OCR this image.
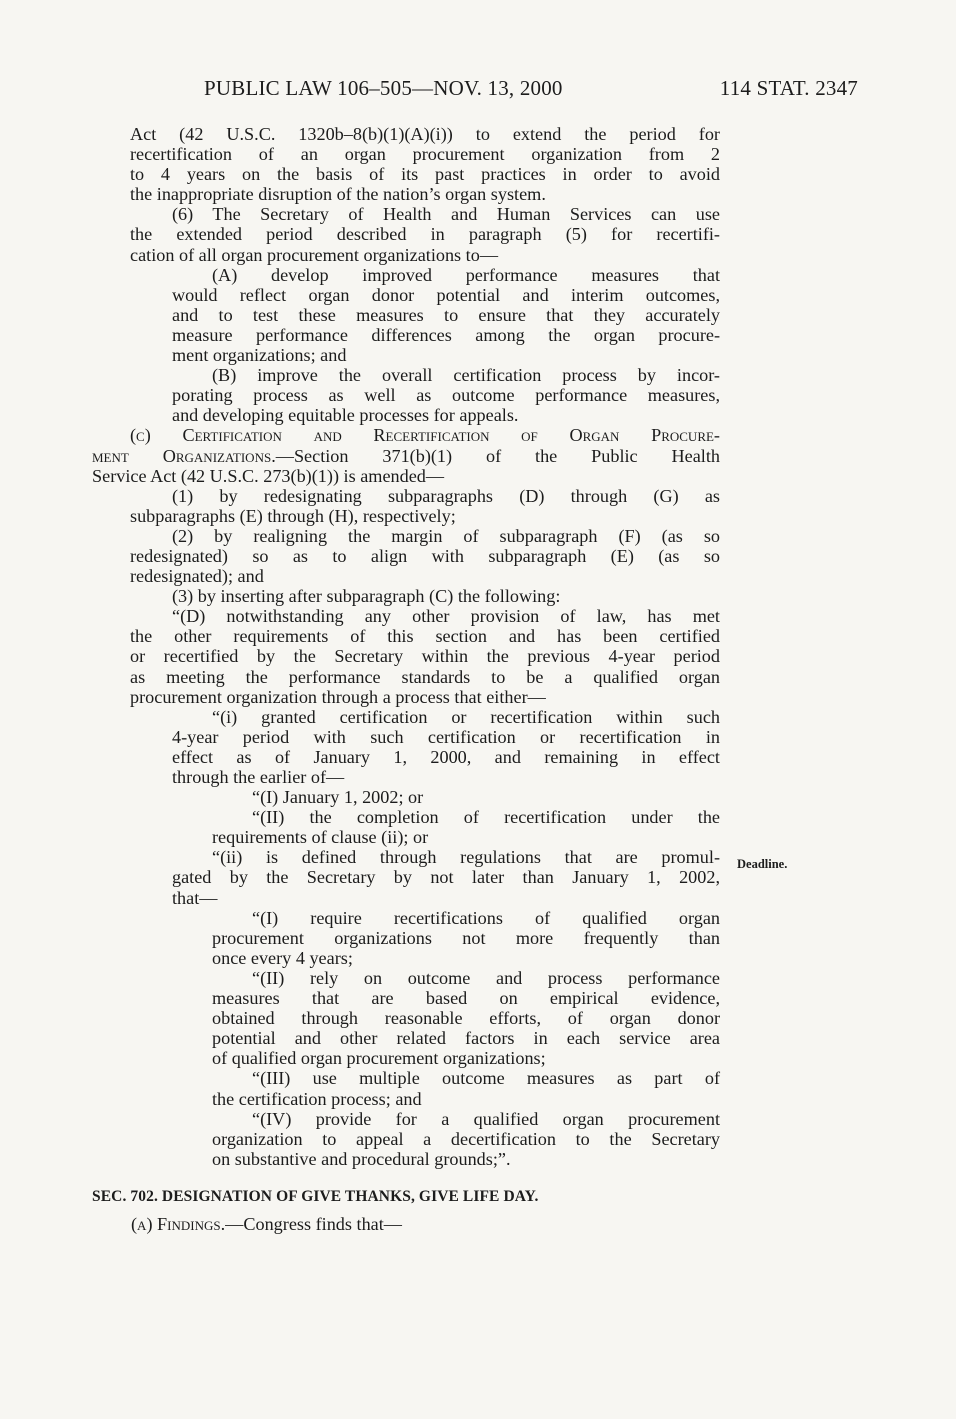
PUBLIC LAW 106–505—NOV. 13, 2000	114 STAT. 2347
Act (42 U.S.C. 1320b–8(b)(1)(A)(i)) to extend the period for
recertification of an organ procurement organization from 2
to 4 years on the basis of its past practices in order to avoid
the inappropriate disruption of the nation’s organ system.
(6) The Secretary of Health and Human Services can use
the extended period described in paragraph (5) for recertifi-
cation of all organ procurement organizations to—
(A) develop improved performance measures that
would reflect organ donor potential and interim outcomes,
and to test these measures to ensure that they accurately
measure performance differences among the organ procure-
ment organizations; and
(B) improve the overall certification process by incor-
porating process as well as outcome performance measures,
and developing equitable processes for appeals.
(c) Certification and Recertification of Organ Procure-
ment Organizations.—Section 371(b)(1) of the Public Health
Service Act (42 U.S.C. 273(b)(1)) is amended—
(1) by redesignating subparagraphs (D) through (G) as
subparagraphs (E) through (H), respectively;
(2) by realigning the margin of subparagraph (F) (as so
redesignated) so as to align with subparagraph (E) (as so
redesignated); and
(3) by inserting after subparagraph (C) the following:
“(D) notwithstanding any other provision of law, has met
the other requirements of this section and has been certified
or recertified by the Secretary within the previous 4-year period
as meeting the performance standards to be a qualified organ
procurement organization through a process that either—
“(i) granted certification or recertification within such
4-year period with such certification or recertification in
effect as of January 1, 2000, and remaining in effect
through the earlier of—
“(I) January 1, 2002; or
“(II) the completion of recertification under the
requirements of clause (ii); or
“(ii) is defined through regulations that are promul-
gated by the Secretary by not later than January 1, 2002,
that—
“(I) require recertifications of qualified organ
procurement organizations not more frequently than
once every 4 years;
“(II) rely on outcome and process performance
measures that are based on empirical evidence,
obtained through reasonable efforts, of organ donor
potential and other related factors in each service area
of qualified organ procurement organizations;
“(III) use multiple outcome measures as part of
the certification process; and
“(IV) provide for a qualified organ procurement
organization to appeal a decertification to the Secretary
on substantive and procedural grounds;”.
Deadline.
SEC. 702. DESIGNATION OF GIVE THANKS, GIVE LIFE DAY.
(a) Findings.—Congress finds that—
